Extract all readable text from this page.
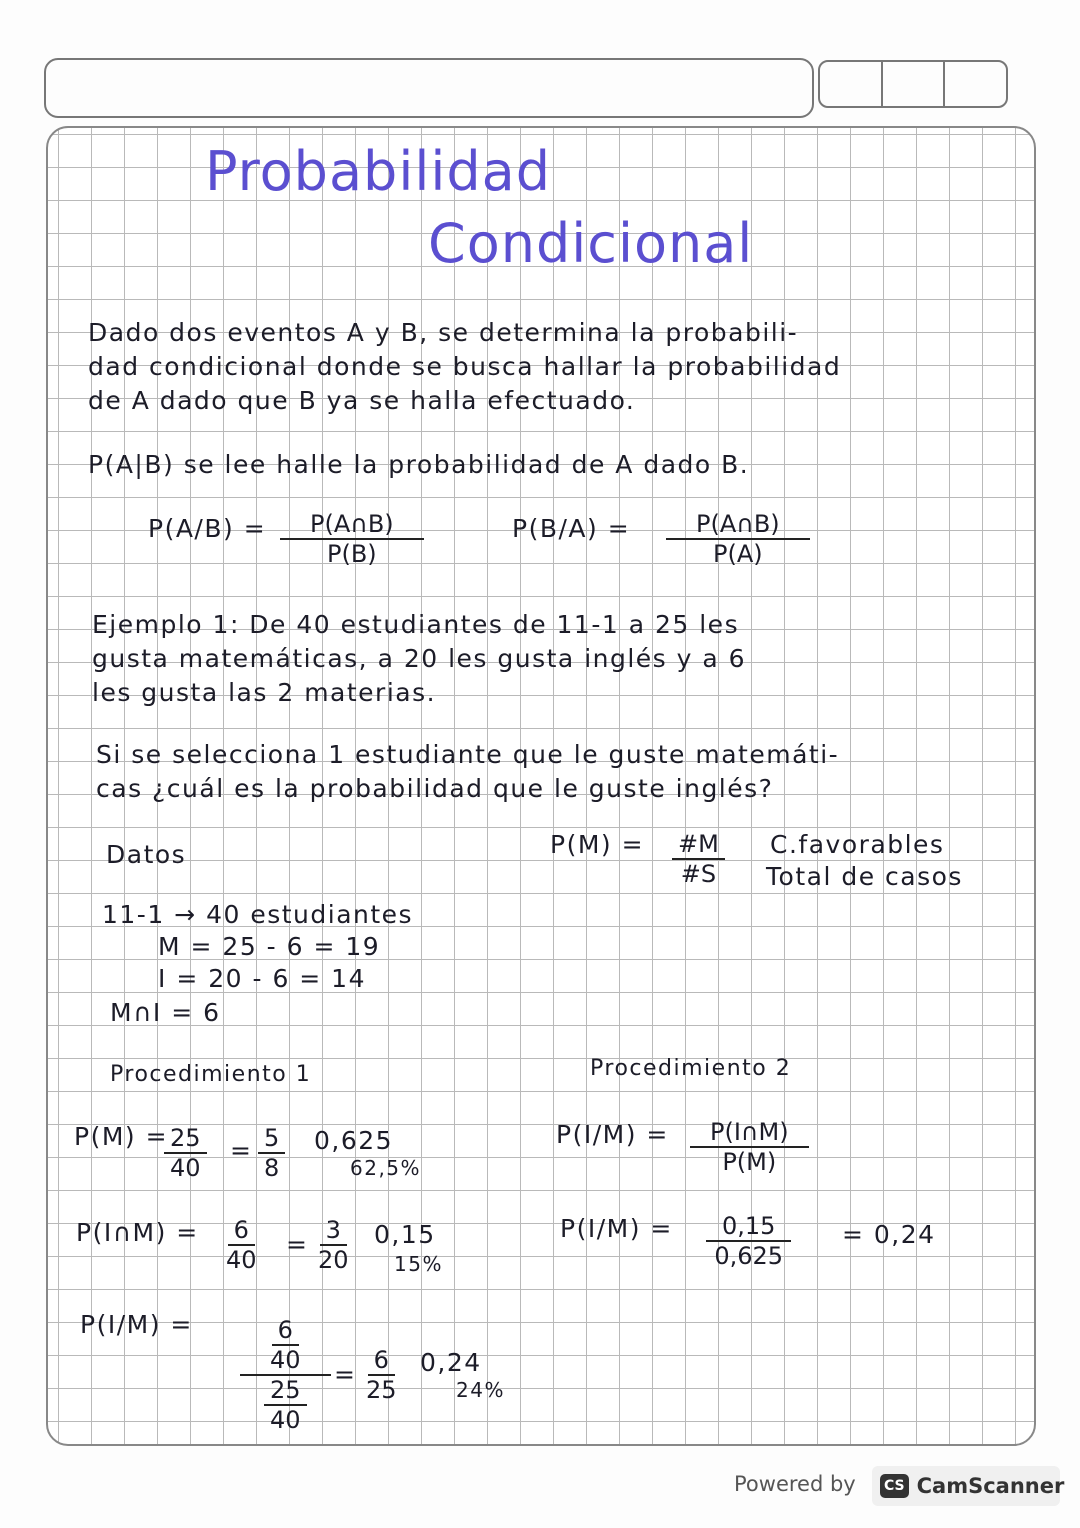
Probabilidad
Condicional
Dado dos eventos A y B, se determina la probabili-
dad condicional donde se busca hallar la probabilidad
de A dado que B ya se halla efectuado.
P(A|B) se lee halle la probabilidad de A dado B.
$P(A/B) = \frac{P(A\cap B)}{P(B)}$	$P(B/A) = \frac{P(A\cap B)}{P(A)}$
Ejemplo 1: De 40 estudiantes de 11-1 a 25 les
gusta matemáticas, a 20 les gusta inglés y a 6
les gusta las 2 materias.
Si se selecciona 1 estudiante que le guste matemáti-
cas ¿cuál es la probabilidad que le guste inglés?
Datos	$P(M) = \frac{\#M}{\#S}$ C.favorables
Total de casos
11-1 → 40 estudiantes
M = 25 - 6 = 19
I = 20 - 6 = 14
M∩I = 6
Procedimiento 1	Procedimiento 2
P(M) =
$\frac{25}{40} = \frac{5}{8} 0,625$
62,5%
P(I∩M) = $\frac{6}{40} = \frac{3}{20} 0,15$
15%
P(I/M) =	6
40
25
40
= $\frac{6}{25} 0,24$
24%
$P(I/M) = \frac{P(I\cap M)}{P(M)}$
$P(I/M) = \frac{0,15}{0,625} = 0,24$
Powered by CS CamScanner
